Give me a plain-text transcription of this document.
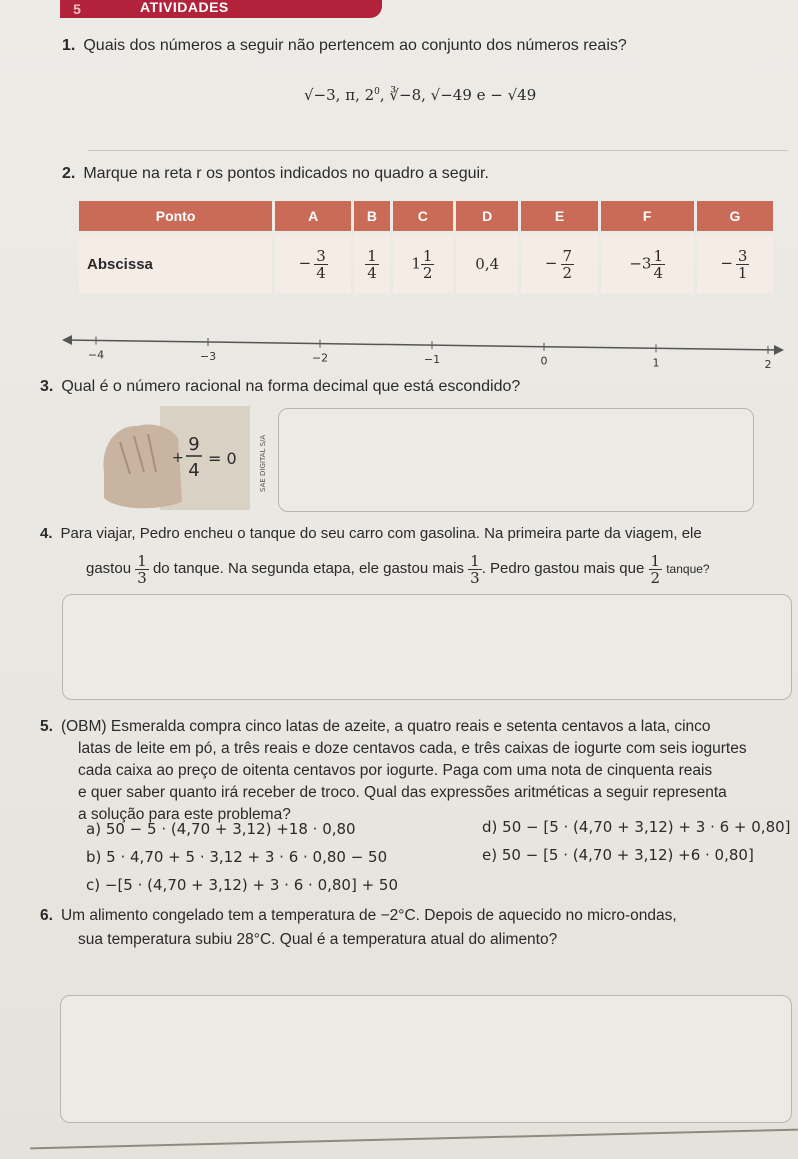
5	ATIVIDADES
1. Quais dos números a seguir não pertencem ao conjunto dos números reais?
√−3, π, $2^0$, ∛−8, √−49 e − √49
2. Marque na reta r os pontos indicados no quadro a seguir.
Ponto	A	B	C	D	E	F	G
Abscissa	− $\frac{3}{4}$	$\frac{1}{4}$	$1 \frac{1}{2}$	0,4	− $\frac{7}{2}$	$-3 \frac{1}{4}$	− $\frac{3}{1}$
−4	−3	−2	−1	0	1	2
3. Qual é o número racional na forma decimal que está escondido?
+
9
4
= 0	SAE DIGITAL S/A
4. Para viajar, Pedro encheu o tanque do seu carro com gasolina. Na primeira parte da viagem, ele
gastou $\frac{1}{3}$ do tanque. Na segunda etapa, ele gastou mais $\frac{1}{3}$ . Pedro gastou mais que $\frac{1}{2}$ tanque?
5. (OBM) Esmeralda compra cinco latas de azeite, a quatro reais e setenta centavos a lata, cinco
latas de leite em pó, a três reais e doze centavos cada, e três caixas de iogurte com seis iogurtes
cada caixa ao preço de oitenta centavos por iogurte. Paga com uma nota de cinquenta reais
e quer saber quanto irá receber de troco. Qual das expressões aritméticas a seguir representa
a solução para este problema?
a) 50 − 5 · (4,70 + 3,12) +18 · 0,80
b) 5 · 4,70 + 5 · 3,12 + 3 · 6 · 0,80 − 50
c) −[5 · (4,70 + 3,12) + 3 · 6 · 0,80] + 50
d) 50 − [5 · (4,70 + 3,12) + 3 · 6 + 0,80]
e) 50 − [5 · (4,70 + 3,12) +6 · 0,80]
6. Um alimento congelado tem a temperatura de −2°C. Depois de aquecido no micro-ondas,
sua temperatura subiu 28°C. Qual é a temperatura atual do alimento?
